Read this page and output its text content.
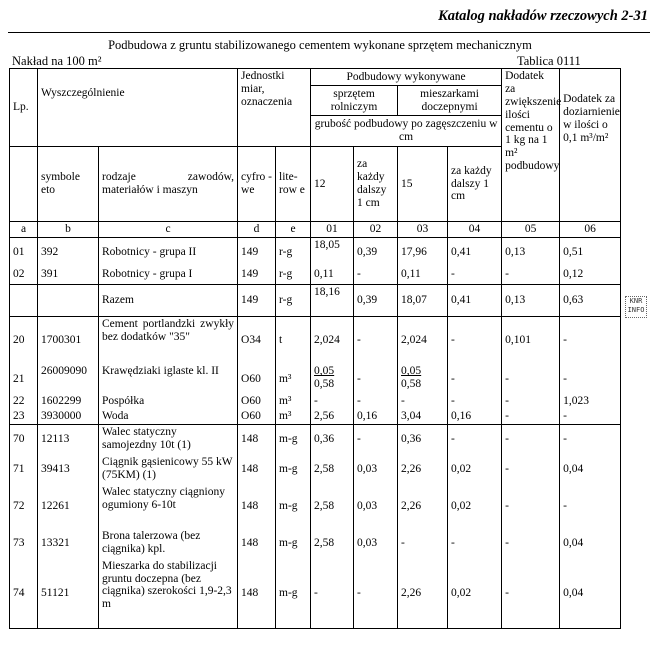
Katalog nakładów rzeczowych 2-31
Podbudowa z gruntu stabilizowanego cementem wykonane sprzętem mechanicznym
Nakład na 100 m²	Tablica 0111
KNR INFO
Lp.	Wyszczególnienie		Jednostki miar, oznaczenia		Podbudowy wykonywane				Dodatek za zwiększenie ilości cementu o 1 kg na 1 m² podbudowy	Dodatek za doziarnienie w ilości o 0,1 m³/m²
					sprzętem rolniczym		mieszarkami doczepnymi			
					grubość podbudowy po zagęszczeniu w cm					
	symbole eto	rodzaje zawodów, materiałów i maszyn	cyfro - we	lite- row e	12	za każdy dalszy 1 cm	15	za każdy dalszy 1 cm		
a	b	c	d	e	01	02	03	04	05	06
01	392	Robotnicy - grupa II	149	r-g	18,05	0,39	17,96	0,41	0,13	0,51
02	391	Robotnicy - grupa I	149	r-g	0,11	-	0,11	-	-	0,12
		Razem	149	r-g	18,16	0,39	18,07	0,41	0,13	0,63
20	1700301	Cement portlandzki zwykły bez dodatków "35"	O34	t	2,024	-	2,024	-	0,101	-
21	26009090	Krawędziaki iglaste kl. II	O60	m³	0,05
0,58	-	0,05
0,58	-	-	-
22	1602299	Pospółka	O60	m³	-	-	-	-	-	1,023
23	3930000	Woda	O60	m³	2,56	0,16	3,04	0,16	-	-
70	12113	Walec statyczny samojezdny 10t (1)	148	m-g	0,36	-	0,36	-	-	-
71	39413	Ciągnik gąsienicowy 55 kW (75KM) (1)	148	m-g	2,58	0,03	2,26	0,02	-	0,04
72	12261	Walec statyczny ciągniony ogumiony 6-10t	148	m-g	2,58	0,03	2,26	0,02	-	-
73	13321	Brona talerzowa (bez ciągnika) kpl.	148	m-g	2,58	0,03	-	-	-	0,04
74	51121	Mieszarka do stabilizacji gruntu doczepna (bez ciągnika) szerokości 1,9-2,3 m	148	m-g	-	-	2,26	0,02	-	0,04
